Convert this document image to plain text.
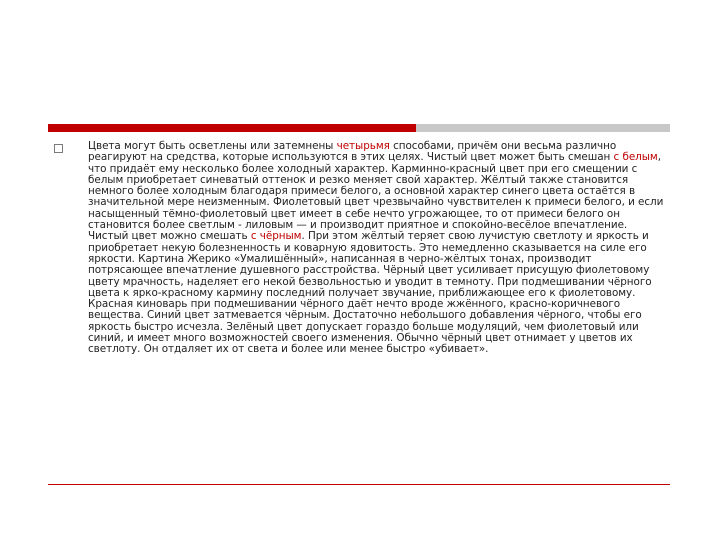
Цвета могут быть осветлены или затемнены четырьмя способами, причём они весьма различно реагируют на средства, которые используются в этих целях. Чистый цвет может быть смешан с белым, что придаёт ему несколько более холодный характер. Карминно-красный цвет при его смещении с белым приобретает синеватый оттенок и резко меняет свой характер. Жёлтый также становится немного более холодным благодаря примеси белого, а основной характер синего цвета остаётся в значительной мере неизменным. Фиолетовый цвет чрезвычайно чувствителен к примеси белого, и если насыщенный тёмно-фиолетовый цвет имеет в себе нечто угрожающее, то от примеси белого он становится более светлым - лиловым — и производит приятное и спокойно-весёлое впечатление. Чистый цвет можно смешать с чёрным. При этом жёлтый теряет свою лучистую светлоту и яркость и приобретает некую болезненность и коварную ядовитость. Это немедленно сказывается на силе его яркости. Картина Жерико «Умалишённый», написанная в черно-жёлтых тонах, производит потрясающее впечатление душевного расстройства. Чёрный цвет усиливает присущую фиолетовому цвету мрачность, наделяет его некой безвольностью и уводит в темноту. При подмешивании чёрного цвета к ярко-красному кармину последний получает звучание, приближающее его к фиолетовому. Красная киноварь при подмешивании чёрного даёт нечто вроде жжённого, красно-коричневого вещества. Синий цвет затмевается чёрным. Достаточно небольшого добавления чёрного, чтобы его яркость быстро исчезла. Зелёный цвет допускает гораздо больше модуляций, чем фиолетовый или синий, и имеет много возможностей своего изменения. Обычно чёрный цвет отнимает у цветов их светлоту. Он отдаляет их от света и более или менее быстро «убивает».
